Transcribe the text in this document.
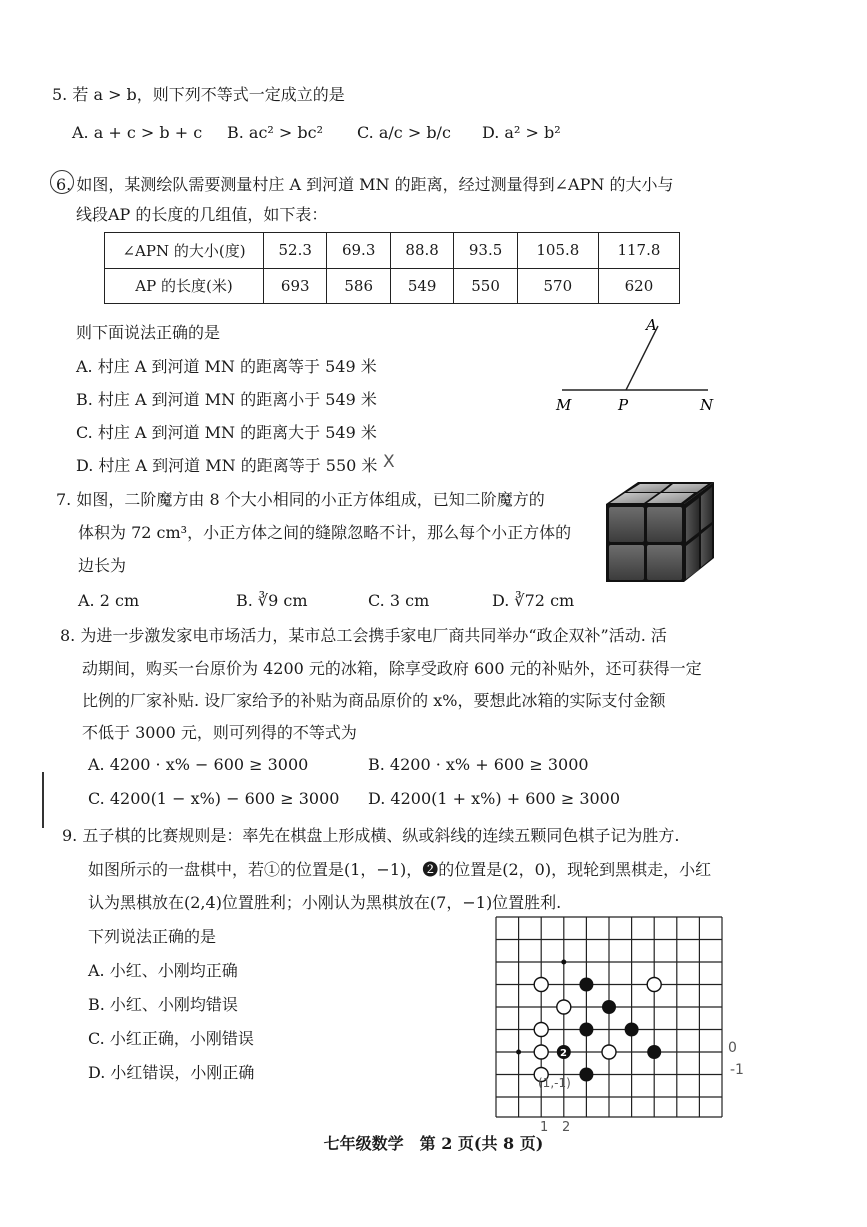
5. 若 a > b，则下列不等式一定成立的是
A. a + c > b + c B. ac² > bc² C. a/c > b/c D. a² > b²
6. 如图，某测绘队需要测量村庄 A 到河道 MN 的距离，经过测量得到∠APN 的大小与
线段AP 的长度的几组值，如下表：
∠APN 的大小(度)	52.3	69.3	88.8	93.5	105.8	117.8
AP 的长度(米)	693	586	549	550	570	620
则下面说法正确的是
A. 村庄 A 到河道 MN 的距离等于 549 米
B. 村庄 A 到河道 MN 的距离小于 549 米
C. 村庄 A 到河道 MN 的距离大于 549 米
D. 村庄 A 到河道 MN 的距离等于 550 米 X
A
M	P	N
7. 如图，二阶魔方由 8 个大小相同的小正方体组成，已知二阶魔方的
体积为 72 cm³，小正方体之间的缝隙忽略不计，那么每个小正方体的
边长为
A. 2 cm	B. ∛9 cm	C. 3 cm	D. ∛72 cm
8. 为进一步激发家电市场活力，某市总工会携手家电厂商共同举办“政企双补”活动. 活
动期间，购买一台原价为 4200 元的冰箱，除享受政府 600 元的补贴外，还可获得一定
比例的厂家补贴. 设厂家给予的补贴为商品原价的 x%，要想此冰箱的实际支付金额
不低于 3000 元，则可列得的不等式为
A. 4200 · x% − 600 ≥ 3000	B. 4200 · x% + 600 ≥ 3000
C. 4200(1 − x%) − 600 ≥ 3000 D. 4200(1 + x%) + 600 ≥ 3000
9. 五子棋的比赛规则是：率先在棋盘上形成横、纵或斜线的连续五颗同色棋子记为胜方.
如图所示的一盘棋中，若①的位置是(1，−1)，❷的位置是(2，0)，现轮到黑棋走，小红
认为黑棋放在(2,4)位置胜利；小刚认为黑棋放在(7，−1)位置胜利.
下列说法正确的是
A. 小红、小刚均正确
B. 小红、小刚均错误
C. 小红正确，小刚错误
D. 小红错误，小刚正确
2
(1,-1)
0
-1
1 2
七年级数学　第 2 页(共 8 页)
